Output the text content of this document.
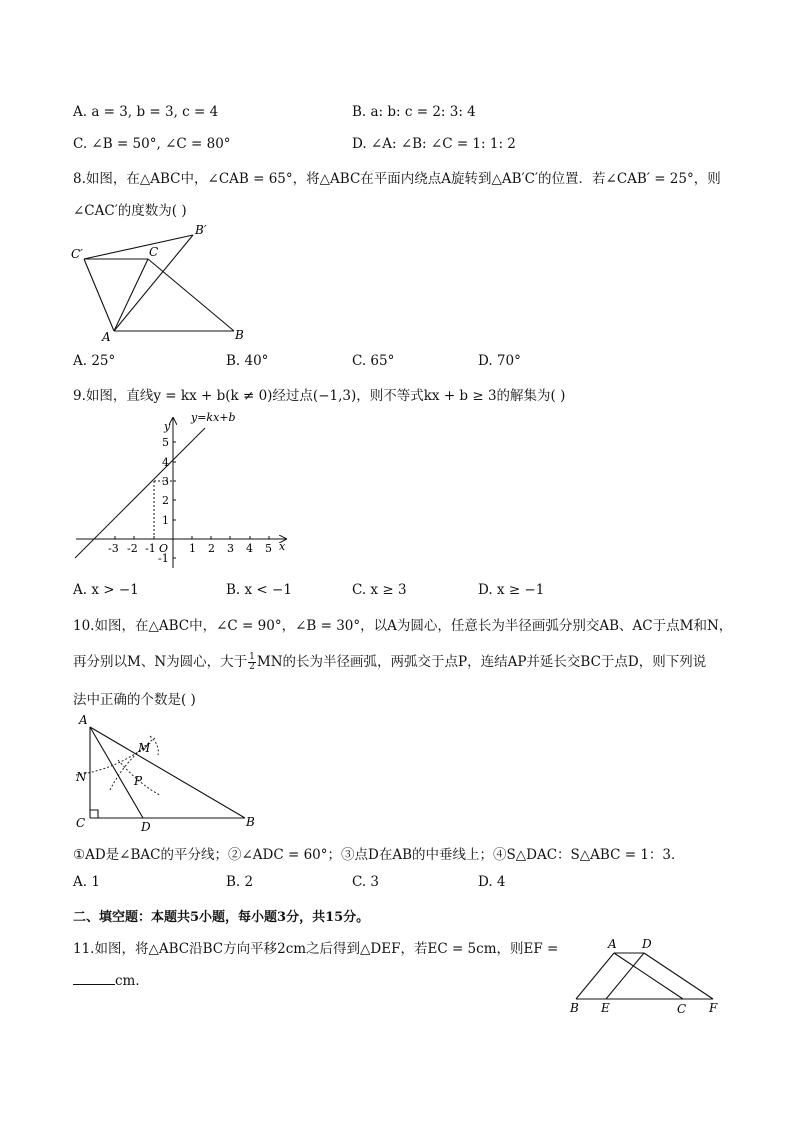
A. a = 3, b = 3, c = 4	B. a: b: c = 2: 3: 4
C. ∠B = 50°, ∠C = 80°	D. ∠A: ∠B: ∠C = 1: 1: 2
8.如图，在△ABC中，∠CAB = 65°，将△ABC在平面内绕点A旋转到△AB′C′的位置．若∠CAB′ = 25°，则
∠CAC′的度数为( )
C′	C
B′
A	B
A. 25°	B. 40°	C. 65°	D. 70°
9.如图，直线y = kx + b(k ≠ 0)经过点(−1,3)，则不等式kx + b ≥ 3的解集为( )
y=kx+b
y
x
O
-3 -2 -1	1 2 3 4 5
5
4
3
2
1
-1
A. x > −1	B. x < −1	C. x ≥ 3	D. x ≥ −1
10.如图，在△ABC中，∠C = 90°，∠B = 30°，以A为圆心，任意长为半径画弧分别交AB、AC于点M和N，
再分别以M、N为圆心，大于 $\frac{1}{2}$ MN的长为半径画弧，两弧交于点P，连结AP并延长交BC于点D，则下列说
法中正确的个数是( )
A
M
N	P
C	D	B
①AD是∠BAC的平分线；②∠ADC = 60°；③点D在AB的中垂线上；④S△DAC：S△ABC = 1：3．
A. 1	B. 2	C. 3	D. 4
二、填空题：本题共5小题，每小题3分，共15分。
11.如图，将△ABC沿BC方向平移2cm之后得到△DEF，若EC = 5cm，则EF =
cm．
A D
B E	C F
